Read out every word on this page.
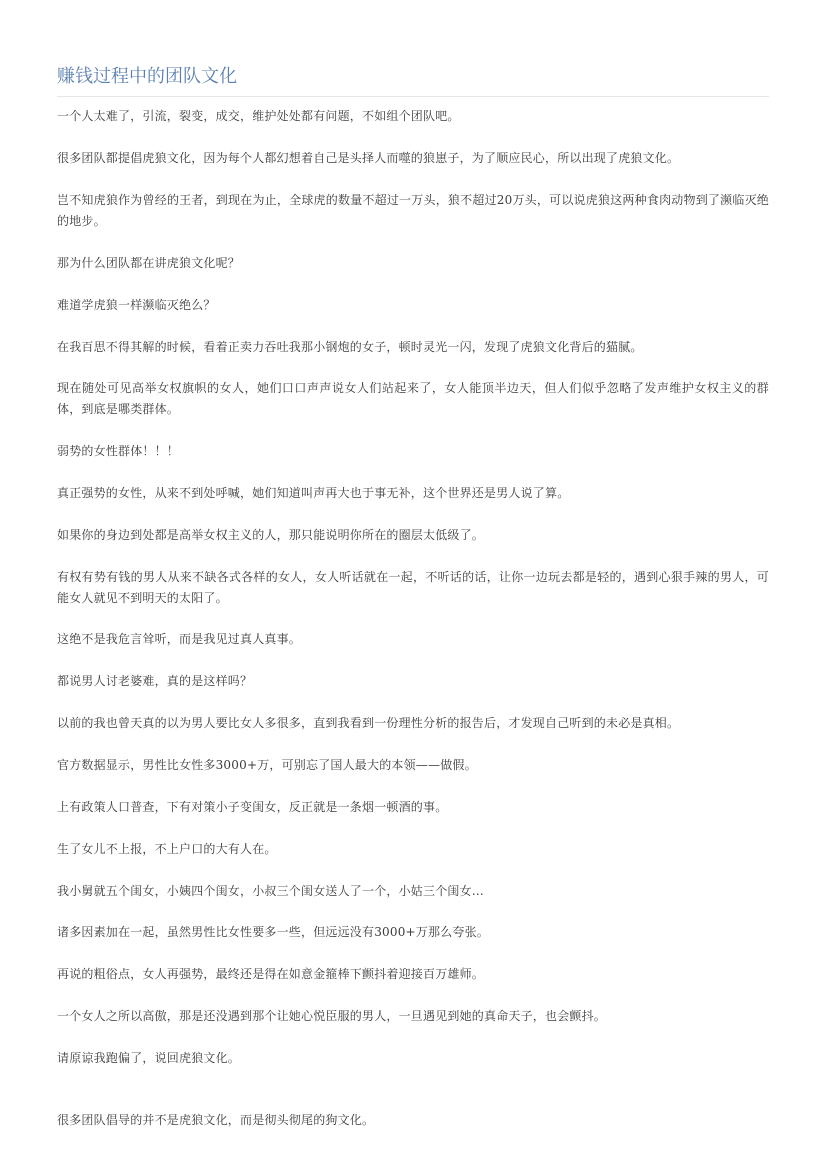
赚钱过程中的团队文化

一个人太难了，引流，裂变，成交，维护处处都有问题，不如组个团队吧。

很多团队都提倡虎狼文化，因为每个人都幻想着自己是头择人而噬的狼崽子，为了顺应民心，所以出现了虎狼文化。

岂不知虎狼作为曾经的王者，到现在为止，全球虎的数量不超过一万头，狼不超过20万头，可以说虎狼这两种食肉动物到了濒临灭绝的地步。

那为什么团队都在讲虎狼文化呢？

难道学虎狼一样濒临灭绝么？

在我百思不得其解的时候，看着正卖力吞吐我那小钢炮的女子，顿时灵光一闪，发现了虎狼文化背后的猫腻。

现在随处可见高举女权旗帜的女人，她们口口声声说女人们站起来了，女人能顶半边天，但人们似乎忽略了发声维护女权主义的群体，到底是哪类群体。

弱势的女性群体！！！

真正强势的女性，从来不到处呼喊，她们知道叫声再大也于事无补，这个世界还是男人说了算。

如果你的身边到处都是高举女权主义的人，那只能说明你所在的圈层太低级了。

有权有势有钱的男人从来不缺各式各样的女人，女人听话就在一起，不听话的话，让你一边玩去都是轻的，遇到心狠手辣的男人，可能女人就见不到明天的太阳了。

这绝不是我危言耸听，而是我见过真人真事。

都说男人讨老婆难，真的是这样吗？

以前的我也曾天真的以为男人要比女人多很多，直到我看到一份理性分析的报告后，才发现自己听到的未必是真相。

官方数据显示，男性比女性多3000+万，可别忘了国人最大的本领——做假。

上有政策人口普查，下有对策小子变闺女，反正就是一条烟一顿酒的事。

生了女儿不上报，不上户口的大有人在。

我小舅就五个闺女，小姨四个闺女，小叔三个闺女送人了一个，小姑三个闺女…

诸多因素加在一起，虽然男性比女性要多一些，但远远没有3000+万那么夸张。

再说的粗俗点，女人再强势，最终还是得在如意金箍棒下颤抖着迎接百万雄师。

一个女人之所以高傲，那是还没遇到那个让她心悦臣服的男人，一旦遇见到她的真命天子，也会颤抖。

请原谅我跑偏了，说回虎狼文化。

很多团队倡导的并不是虎狼文化，而是彻头彻尾的狗文化。
